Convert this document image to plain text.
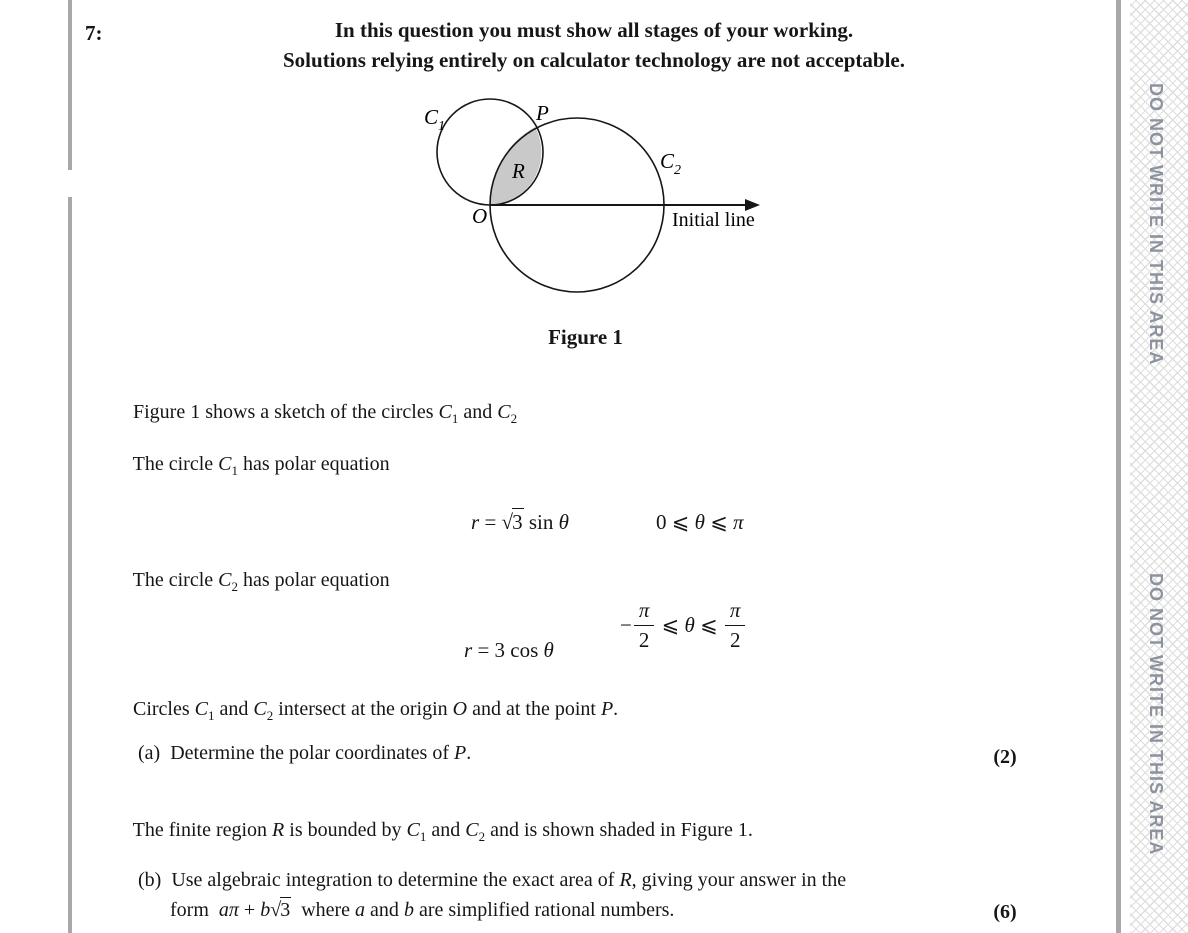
DO NOT WRITE IN THIS AREA
DO NOT WRITE IN THIS AREA
7:	In this question you must show all stages of your working.
Solutions relying entirely on calculator technology are not acceptable.
$C_1$
P
$C_2$
R
O	Initial line
Figure 1

Figure 1 shows a sketch of the circles $C_1$ and $C_2$

The circle $C_1$ has polar equation

r = √3 sin θ
	0 ⩽ θ ⩽ π

The circle $C_2$ has polar equation

r = 3 cos θ

− $\frac{\pi}{2}$ ⩽ θ ⩽ $\frac{\pi}{2}$

Circles $C_1$ and $C_2$ intersect at the origin O and at the point P.

(a)  Determine the polar coordinates of P.
	(2)

The finite region R is bounded by $C_1$ and $C_2$ and is shown shaded in Figure 1.

(b)  Use algebraic integration to determine the exact area of R, giving your answer in the

form  aπ + b√3  where a and b are simplified rational numbers.
	(6)
